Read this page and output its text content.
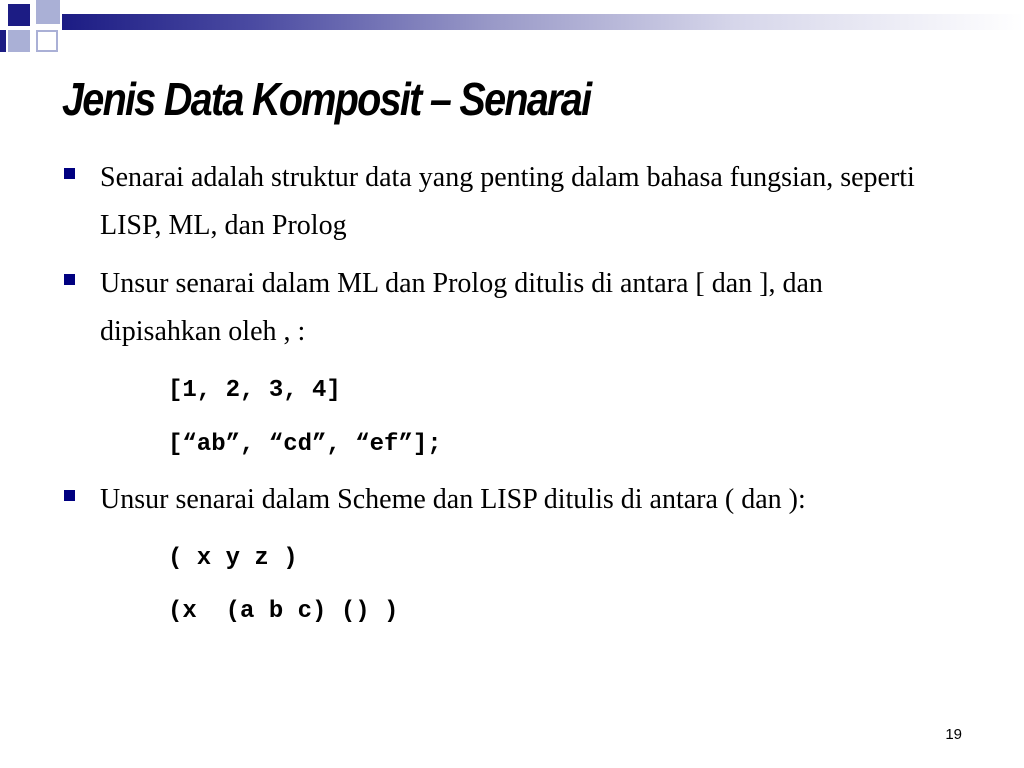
Jenis Data Komposit – Senarai
Senarai adalah struktur data yang penting dalam bahasa fungsian, seperti LISP, ML, dan Prolog
Unsur senarai dalam ML dan Prolog ditulis di antara [ dan ], dan dipisahkan oleh , :
[1, 2, 3, 4]
[“ab”, “cd”, “ef”];
Unsur senarai dalam Scheme dan LISP ditulis di antara ( dan ):
( x y z )
(x  (a b c) () )
19
